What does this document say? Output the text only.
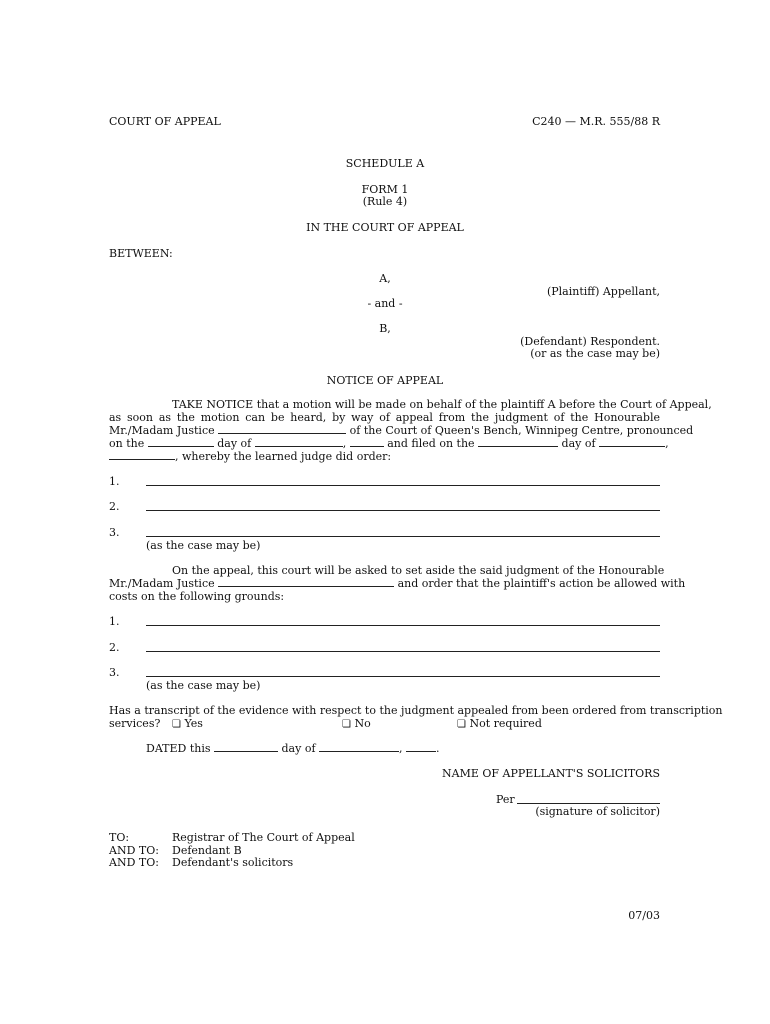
COURT OF APPEAL	C240 — M.R. 555/88 R
SCHEDULE A
FORM 1
(Rule 4)
IN THE COURT OF APPEAL
BETWEEN:
A,
(Plaintiff) Appellant,
- and -
B,
(Defendant) Respondent.
(or as the case may be)
NOTICE OF APPEAL
TAKE NOTICE that a motion will be made on behalf of the plaintiff A before the Court of Appeal,
as soon as the motion can be heard, by way of appeal from the judgment of the Honourable
Mr./Madam Justice	of the Court of Queen's Bench, Winnipeg Centre, pronounced
on the	day of	,	and filed on the	day of	,
, whereby the learned judge did order:
1.
2.
3.
(as the case may be)
On the appeal, this court will be asked to set aside the said judgment of the Honourable
Mr./Madam Justice	and order that the plaintiff's action be allowed with
costs on the following grounds:
1.
2.
3.
(as the case may be)
Has a transcript of the evidence with respect to the judgment appealed from been ordered from transcription
services? ❏ Yes	❏ No	❏ Not required
DATED this	day of	,	.
NAME OF APPELLANT'S SOLICITORS
Per
(signature of solicitor)
TO:	Registrar of The Court of Appeal
AND TO: Defendant B
AND TO: Defendant's solicitors
07/03
